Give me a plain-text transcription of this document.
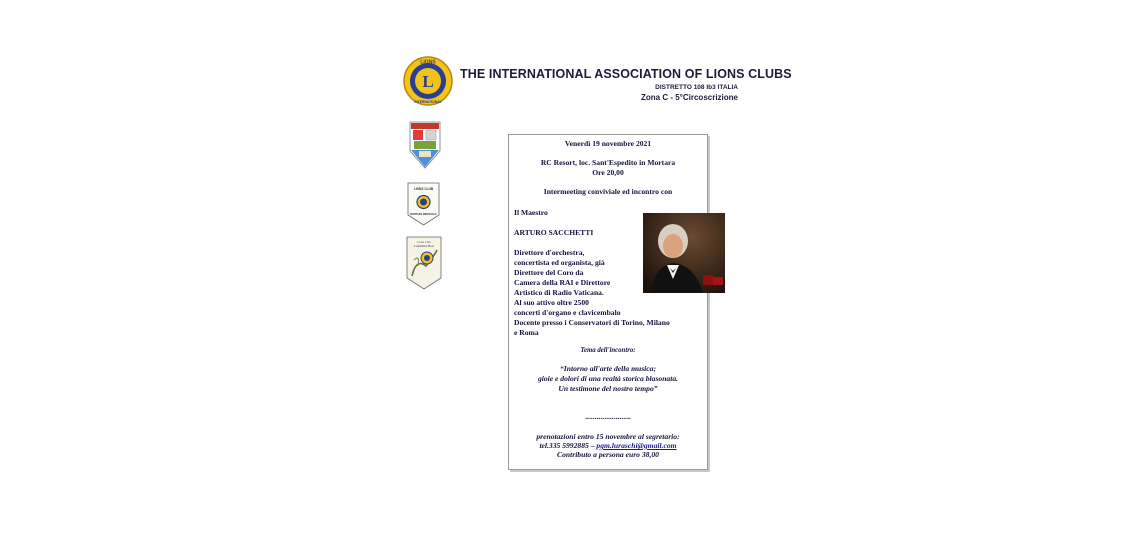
L
LIONS
INTERNATIONAL
THE INTERNATIONAL ASSOCIATION OF LIONS CLUBS
DISTRETTO 108 Ib3 ITALIA
Zona C - 5°Circoscrizione
LIONS CLUB
MORTARA MEDIEVALE
Lions Club
Lomellina Host
Venerdì 19 novembre 2021
RC Resort, loc. Sant'Espedito in Mortara
Ore 20,00
Intermeeting conviviale ed incontro con
Il Maestro
ARTURO SACCHETTI
Direttore d'orchestra,
concertista ed organista, già
Direttore del Coro da
Camera della RAI e Direttore
Artistico di Radio Vaticana.
Al suo attivo oltre 2500
concerti d'organo e clavicembalo
Docente presso i Conservatori di Torino, Milano
e Roma
Tema dell'incontro:
“Intorno all'arte della musica;
gioie e dolori di una realtà storica blasonata.
Un testimone del nostro tempo”
........................
prenotazioni entro 15 novembre al segretario:
tel.335 5992885 – pgm.luraschi@gmail.com
Contributo a persona euro 38,00
